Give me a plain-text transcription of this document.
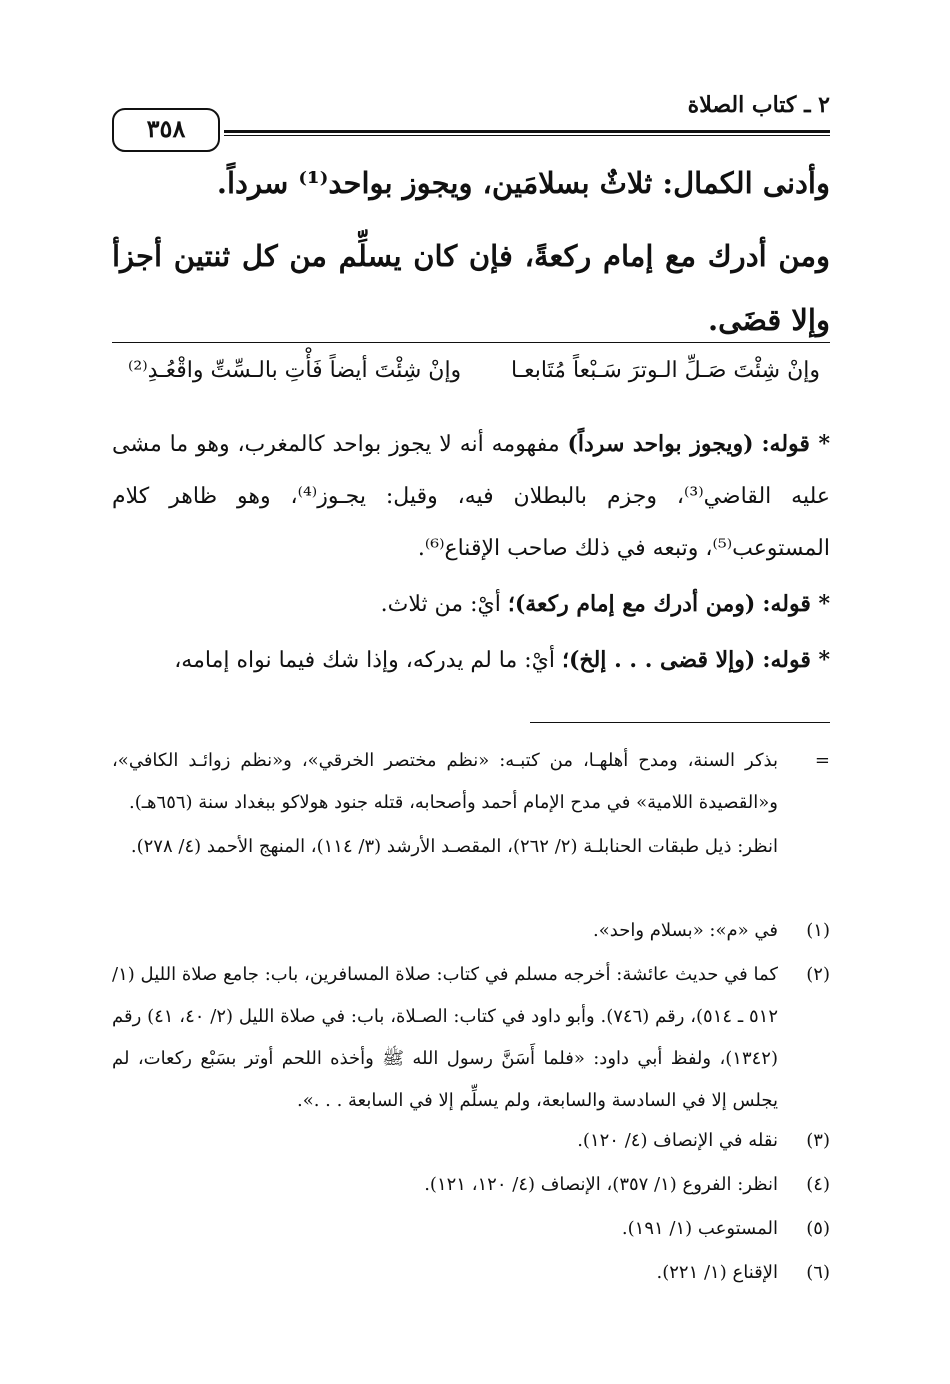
٢ ـ كتاب الصلاة
٣٥٨
وأدنى الكمال: ثلاثٌ بسلامَين، ويجوز بواحد⁽¹⁾ سرداً.
ومن أدرك مع إمام ركعةً، فإن كان يسلِّم من كل ثنتين أجزأ وإلا قضَى.
وإنْ شِئْتَ صَـلِّ الـوترَ سَـبْعاً مُتَابعـا
وإنْ شِئْتَ أيضاً فَأْتِ بالـسِّتِّ واقْعُـدِ⁽²⁾
* قوله: (ويجوز بواحد سرداً) مفهومه أنه لا يجوز بواحد كالمغرب، وهو ما مشى عليه القاضي⁽³⁾، وجزم بالبطلان فيه، وقيل: يجـوز⁽⁴⁾، وهو ظاهر كلام المستوعب⁽⁵⁾، وتبعه في ذلك صاحب الإقناع⁽⁶⁾.
* قوله: (ومن أدرك مع إمام ركعة)؛ أيْ: من ثلاث.
* قوله: (وإلا قضى . . . إلخ)؛ أيْ: ما لم يدركه، وإذا شك فيما نواه إمامه،
=
بذكر السنة، ومدح أهلهـا، من كتبـه: «نظم مختصر الخرقي»، و«نظم زوائـد الكافي»، و«القصيدة اللامية» في مدح الإمام أحمد وأصحابه، قتله جنود هولاكو ببغداد سنة (٦٥٦هـ).
انظر: ذيل طبقات الحنابلـة (٢/ ٢٦٢)، المقصـد الأرشد (٣/ ١١٤)، المنهج الأحمد (٤/ ٢٧٨).
(١)
في «م»: «بسلام واحد».
(٢)
كما في حديث عائشة: أخرجه مسلم في كتاب: صلاة المسافرين، باب: جامع صلاة الليل (١/ ٥١٢ ـ ٥١٤)، رقم (٧٤٦). وأبو داود في كتاب: الصـلاة، باب: في صلاة الليل (٢/ ٤٠، ٤١) رقم (١٣٤٢)، ولفظ أبي داود: «فلما أَسَنَّ رسول الله ﷺ وأخذه اللحم أوتر بسَبْع ركعات، لم يجلس إلا في السادسة والسابعة، ولم يسلِّم إلا في السابعة . . .».
(٣)
نقله في الإنصاف (٤/ ١٢٠).
(٤)
انظر: الفروع (١/ ٣٥٧)، الإنصاف (٤/ ١٢٠، ١٢١).
(٥)
المستوعب (١/ ١٩١).
(٦)
الإقناع (١/ ٢٢١).
